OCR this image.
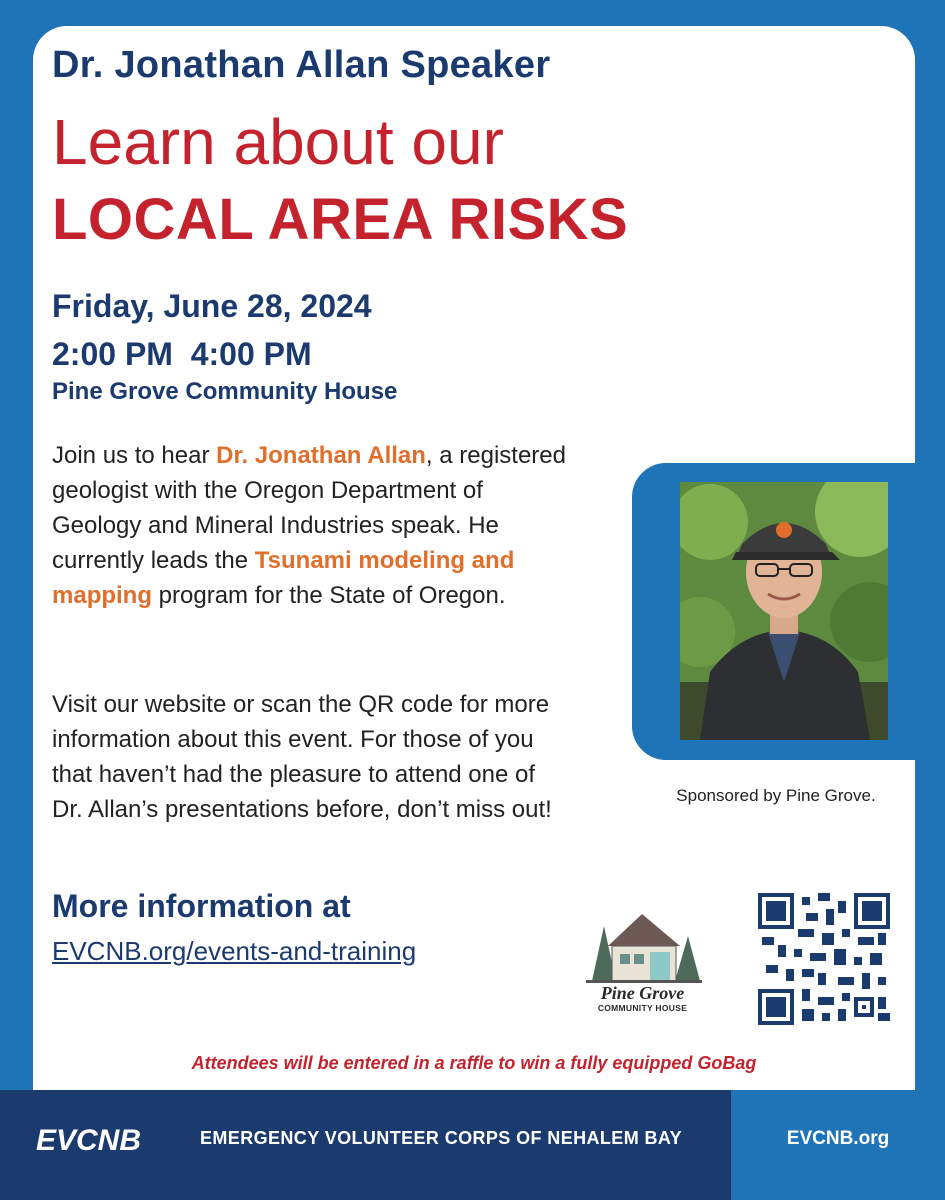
Dr. Jonathan Allan Speaker
Learn about our
LOCAL AREA RISKS
Friday, June 28, 2024
2:00 PM  4:00 PM
Pine Grove Community House

Join us to hear Dr. Jonathan Allan, a registered geologist with the Oregon Department of Geology and Mineral Industries speak. He currently leads the Tsunami modeling and mapping program for the State of Oregon.

Visit our website or scan the QR code for more information about this event. For those of you that haven’t had the pleasure to attend one of Dr. Allan’s presentations before, don’t miss out!

More information at
EVCNB.org/events-and-training
Sponsored by Pine Grove.
Pine Grove
COMMUNITY HOUSE
Attendees will be entered in a raffle to win a fully equipped GoBag
EVCNB	EMERGENCY VOLUNTEER CORPS OF NEHALEM BAY	EVCNB.org
